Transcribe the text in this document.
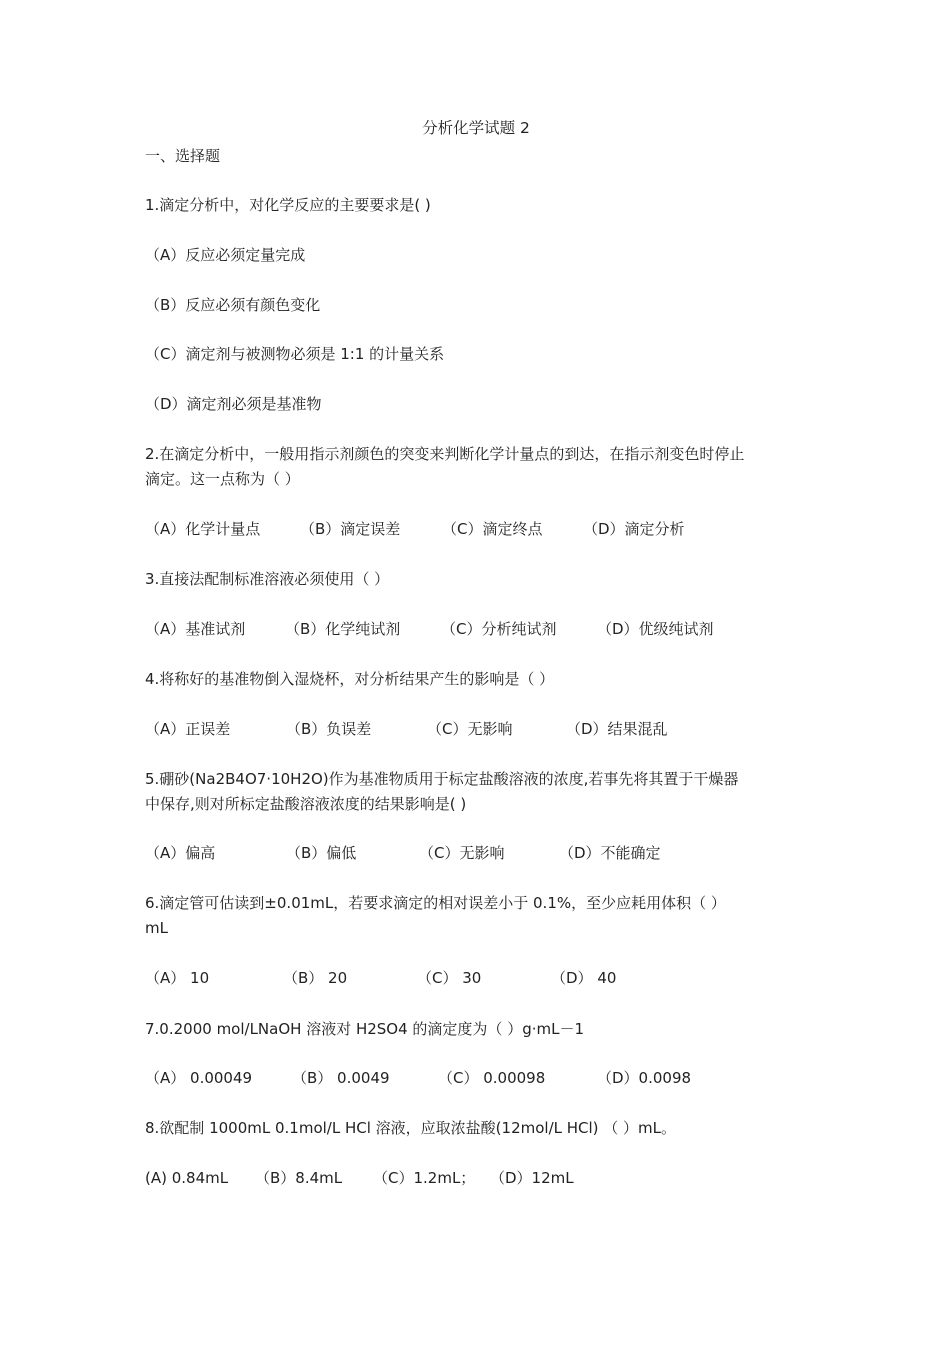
分析化学试题 2
一、选择题
1.滴定分析中，对化学反应的主要要求是( )
（A）反应必须定量完成
（B）反应必须有颜色变化
（C）滴定剂与被测物必须是 1:1 的计量关系
（D）滴定剂必须是基准物
2.在滴定分析中，一般用指示剂颜色的突变来判断化学计量点的到达，在指示剂变色时停止
滴定。这一点称为（ ）
（A）化学计量点	（B）滴定误差	（C）滴定终点	（D）滴定分析
3.直接法配制标准溶液必须使用（ ）
（A）基准试剂	（B）化学纯试剂	（C）分析纯试剂	（D）优级纯试剂
4.将称好的基准物倒入湿烧杯，对分析结果产生的影响是（ ）
（A）正误差	（B）负误差	（C）无影响	（D）结果混乱
5.硼砂(Na2B4O7·10H2O)作为基准物质用于标定盐酸溶液的浓度,若事先将其置于干燥器
中保存,则对所标定盐酸溶液浓度的结果影响是( )
（A）偏高	（B）偏低	（C）无影响	（D）不能确定
6.滴定管可估读到±0.01mL，若要求滴定的相对误差小于 0.1%，至少应耗用体积（ ）
mL
（A） 10	（B） 20	（C） 30	（D） 40
7.0.2000 mol/LNaOH 溶液对 H2SO4 的滴定度为（ ）g·mL－1
（A） 0.00049	（B） 0.0049	（C） 0.00098	（D）0.0098
8.欲配制 1000mL 0.1mol/L HCl 溶液，应取浓盐酸(12mol/L HCl) （ ）mL。
(A) 0.84mL （B）8.4mL （C）1.2mL； （D）12mL
